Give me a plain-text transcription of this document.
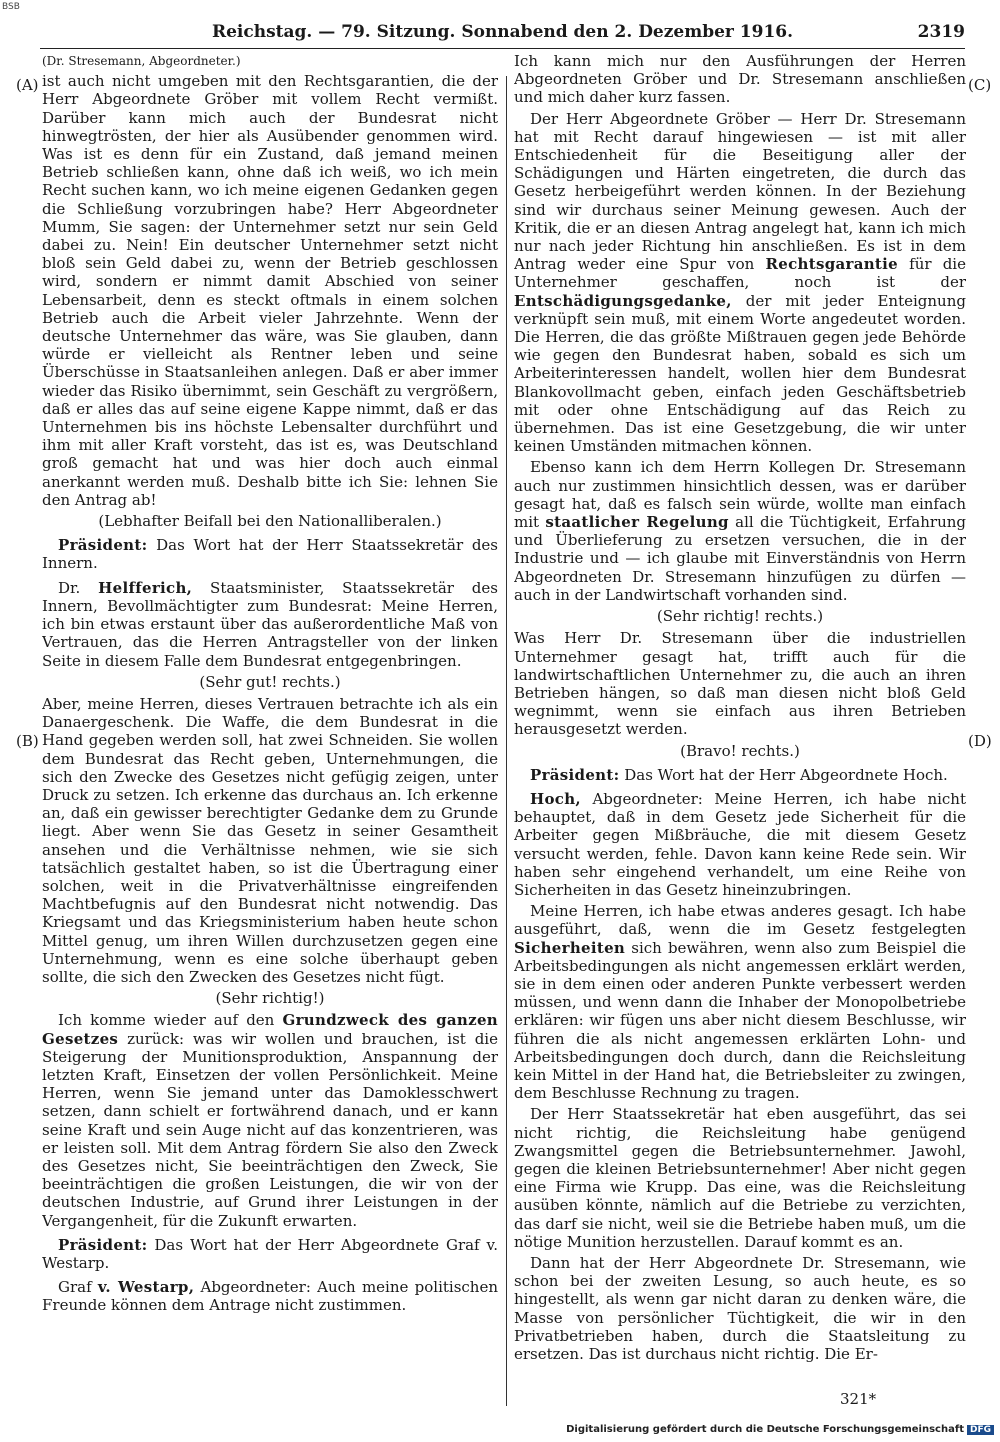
BSB
Reichstag. — 79. Sitzung. Sonnabend den 2. Dezember 1916.	2319
(A)
(B)
(C)
(D)
(Dr. Stresemann, Abgeordneter.)

ist auch nicht umgeben mit den Rechtsgarantien, die der Herr Abgeordnete Gröber mit vollem Recht vermißt. Darüber kann mich auch der Bundesrat nicht hinwegtrösten, der hier als Ausübender genommen wird. Was ist es denn für ein Zustand, daß jemand meinen Betrieb schließen kann, ohne daß ich weiß, wo ich mein Recht suchen kann, wo ich meine eigenen Gedanken gegen die Schließung vorzubringen habe? Herr Abgeordneter Mumm, Sie sagen: der Unternehmer setzt nur sein Geld dabei zu. Nein! Ein deutscher Unternehmer setzt nicht bloß sein Geld dabei zu, wenn der Betrieb geschlossen wird, sondern er nimmt damit Abschied von seiner Lebensarbeit, denn es steckt oftmals in einem solchen Betrieb auch die Arbeit vieler Jahrzehnte. Wenn der deutsche Unternehmer das wäre, was Sie glauben, dann würde er vielleicht als Rentner leben und seine Überschüsse in Staatsanleihen anlegen. Daß er aber immer wieder das Risiko übernimmt, sein Geschäft zu vergrößern, daß er alles das auf seine eigene Kappe nimmt, daß er das Unternehmen bis ins höchste Lebensalter durchführt und ihm mit aller Kraft vorsteht, das ist es, was Deutschland groß gemacht hat und was hier doch auch einmal anerkannt werden muß. Deshalb bitte ich Sie: lehnen Sie den Antrag ab!

(Lebhafter Beifall bei den Nationalliberalen.)

Präsident: Das Wort hat der Herr Staatssekretär des Innern.

Dr. Helfferich, Staatsminister, Staatssekretär des Innern, Bevollmächtigter zum Bundesrat: Meine Herren, ich bin etwas erstaunt über das außerordentliche Maß von Vertrauen, das die Herren Antragsteller von der linken Seite in diesem Falle dem Bundesrat entgegenbringen.

(Sehr gut! rechts.)

Aber, meine Herren, dieses Vertrauen betrachte ich als ein Danaergeschenk. Die Waffe, die dem Bundesrat in die Hand gegeben werden soll, hat zwei Schneiden. Sie wollen dem Bundesrat das Recht geben, Unternehmungen, die sich den Zwecke des Gesetzes nicht gefügig zeigen, unter Druck zu setzen. Ich erkenne das durchaus an. Ich erkenne an, daß ein gewisser berechtigter Gedanke dem zu Grunde liegt. Aber wenn Sie das Gesetz in seiner Gesamtheit ansehen und die Verhältnisse nehmen, wie sie sich tatsächlich gestaltet haben, so ist die Übertragung einer solchen, weit in die Privatverhältnisse eingreifenden Machtbefugnis auf den Bundesrat nicht notwendig. Das Kriegsamt und das Kriegsministerium haben heute schon Mittel genug, um ihren Willen durchzusetzen gegen eine Unternehmung, wenn es eine solche überhaupt geben sollte, die sich den Zwecken des Gesetzes nicht fügt.

(Sehr richtig!)

Ich komme wieder auf den Grundzweck des ganzen Gesetzes zurück: was wir wollen und brauchen, ist die Steigerung der Munitionsproduktion, Anspannung der letzten Kraft, Einsetzen der vollen Persönlichkeit. Meine Herren, wenn Sie jemand unter das Damoklesschwert setzen, dann schielt er fortwährend danach, und er kann seine Kraft und sein Auge nicht auf das konzentrieren, was er leisten soll. Mit dem Antrag fördern Sie also den Zweck des Gesetzes nicht, Sie beeinträchtigen den Zweck, Sie beeinträchtigen die großen Leistungen, die wir von der deutschen Industrie, auf Grund ihrer Leistungen in der Vergangenheit, für die Zukunft erwarten.

Präsident: Das Wort hat der Herr Abgeordnete Graf v. Westarp.

Graf v. Westarp, Abgeordneter: Auch meine politischen Freunde können dem Antrage nicht zustimmen.

Ich kann mich nur den Ausführungen der Herren Abgeordneten Gröber und Dr. Stresemann anschließen und mich daher kurz fassen.

Der Herr Abgeordnete Gröber — Herr Dr. Stresemann hat mit Recht darauf hingewiesen — ist mit aller Entschiedenheit für die Beseitigung aller der Schädigungen und Härten eingetreten, die durch das Gesetz herbeigeführt werden können. In der Beziehung sind wir durchaus seiner Meinung gewesen. Auch der Kritik, die er an diesen Antrag angelegt hat, kann ich mich nur nach jeder Richtung hin anschließen. Es ist in dem Antrag weder eine Spur von Rechtsgarantie für die Unternehmer geschaffen, noch ist der Entschädigungsgedanke, der mit jeder Enteignung verknüpft sein muß, mit einem Worte angedeutet worden. Die Herren, die das größte Mißtrauen gegen jede Behörde wie gegen den Bundesrat haben, sobald es sich um Arbeiterinteressen handelt, wollen hier dem Bundesrat Blankovollmacht geben, einfach jeden Geschäftsbetrieb mit oder ohne Entschädigung auf das Reich zu übernehmen. Das ist eine Gesetzgebung, die wir unter keinen Umständen mitmachen können.

Ebenso kann ich dem Herrn Kollegen Dr. Stresemann auch nur zustimmen hinsichtlich dessen, was er darüber gesagt hat, daß es falsch sein würde, wollte man einfach mit staatlicher Regelung all die Tüchtigkeit, Erfahrung und Überlieferung zu ersetzen versuchen, die in der Industrie und — ich glaube mit Einverständnis von Herrn Abgeordneten Dr. Stresemann hinzufügen zu dürfen — auch in der Landwirtschaft vorhanden sind.

(Sehr richtig! rechts.)

Was Herr Dr. Stresemann über die industriellen Unternehmer gesagt hat, trifft auch für die landwirtschaftlichen Unternehmer zu, die auch an ihren Betrieben hängen, so daß man diesen nicht bloß Geld wegnimmt, wenn sie einfach aus ihren Betrieben herausgesetzt werden.

(Bravo! rechts.)

Präsident: Das Wort hat der Herr Abgeordnete Hoch.

Hoch, Abgeordneter: Meine Herren, ich habe nicht behauptet, daß in dem Gesetz jede Sicherheit für die Arbeiter gegen Mißbräuche, die mit diesem Gesetz versucht werden, fehle. Davon kann keine Rede sein. Wir haben sehr eingehend verhandelt, um eine Reihe von Sicherheiten in das Gesetz hineinzubringen.

Meine Herren, ich habe etwas anderes gesagt. Ich habe ausgeführt, daß, wenn die im Gesetz festgelegten Sicherheiten sich bewähren, wenn also zum Beispiel die Arbeitsbedingungen als nicht angemessen erklärt werden, sie in dem einen oder anderen Punkte verbessert werden müssen, und wenn dann die Inhaber der Monopolbetriebe erklären: wir fügen uns aber nicht diesem Beschlusse, wir führen die als nicht angemessen erklärten Lohn- und Arbeitsbedingungen doch durch, dann die Reichsleitung kein Mittel in der Hand hat, die Betriebsleiter zu zwingen, dem Beschlusse Rechnung zu tragen.

Der Herr Staatssekretär hat eben ausgeführt, das sei nicht richtig, die Reichsleitung habe genügend Zwangsmittel gegen die Betriebsunternehmer. Jawohl, gegen die kleinen Betriebsunternehmer! Aber nicht gegen eine Firma wie Krupp. Das eine, was die Reichsleitung ausüben könnte, nämlich auf die Betriebe zu verzichten, das darf sie nicht, weil sie die Betriebe haben muß, um die nötige Munition herzustellen. Darauf kommt es an.

Dann hat der Herr Abgeordnete Dr. Stresemann, wie schon bei der zweiten Lesung, so auch heute, es so hingestellt, als wenn gar nicht daran zu denken wäre, die Masse von persönlicher Tüchtigkeit, die wir in den Privatbetrieben haben, durch die Staatsleitung zu ersetzen. Das ist durchaus nicht richtig. Die Er-

321*
Digitalisierung gefördert durch die Deutsche Forschungsgemeinschaft DFG
